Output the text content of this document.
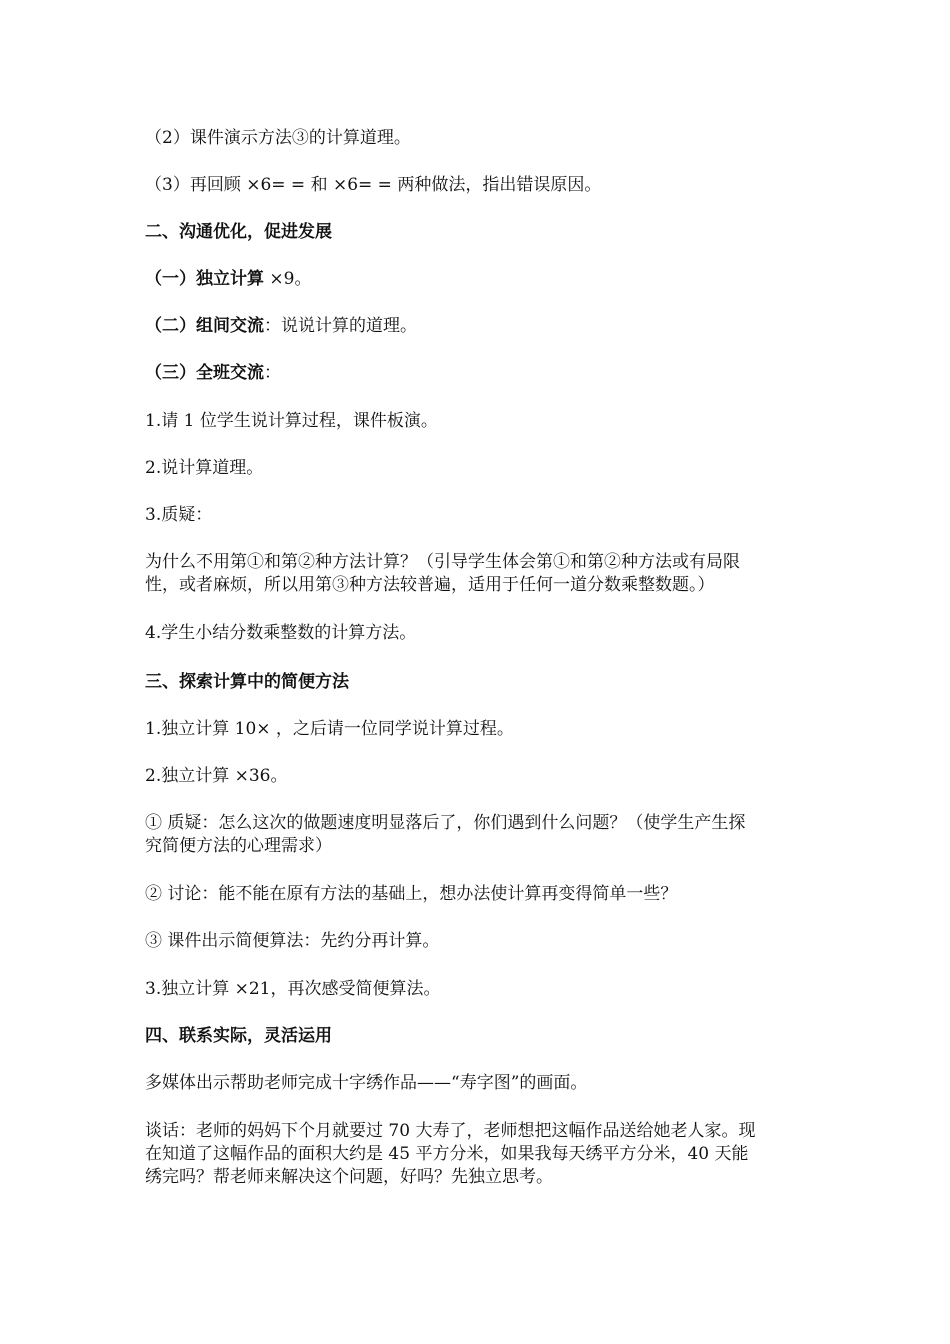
（2）课件演示方法③的计算道理。
（3）再回顾 ×6= = 和 ×6= = 两种做法，指出错误原因。
二、沟通优化，促进发展
（一）独立计算 ×9。
（二）组间交流：说说计算的道理。
（三）全班交流：
1.请 1 位学生说计算过程，课件板演。
2.说计算道理。
3.质疑：
为什么不用第①和第②种方法计算？（引导学生体会第①和第②种方法或有局限
性，或者麻烦，所以用第③种方法较普遍，适用于任何一道分数乘整数题。）
4.学生小结分数乘整数的计算方法。
三、探索计算中的简便方法
1.独立计算 10× ，之后请一位同学说计算过程。
2.独立计算 ×36。
① 质疑：怎么这次的做题速度明显落后了，你们遇到什么问题？（使学生产生探
究简便方法的心理需求）
② 讨论：能不能在原有方法的基础上，想办法使计算再变得简单一些？
③ 课件出示简便算法：先约分再计算。
3.独立计算 ×21，再次感受简便算法。
四、联系实际，灵活运用
多媒体出示帮助老师完成十字绣作品——“寿字图”的画面。
谈话：老师的妈妈下个月就要过 70 大寿了，老师想把这幅作品送给她老人家。现
在知道了这幅作品的面积大约是 45 平方分米，如果我每天绣平方分米，40 天能
绣完吗？帮老师来解决这个问题，好吗？先独立思考。
